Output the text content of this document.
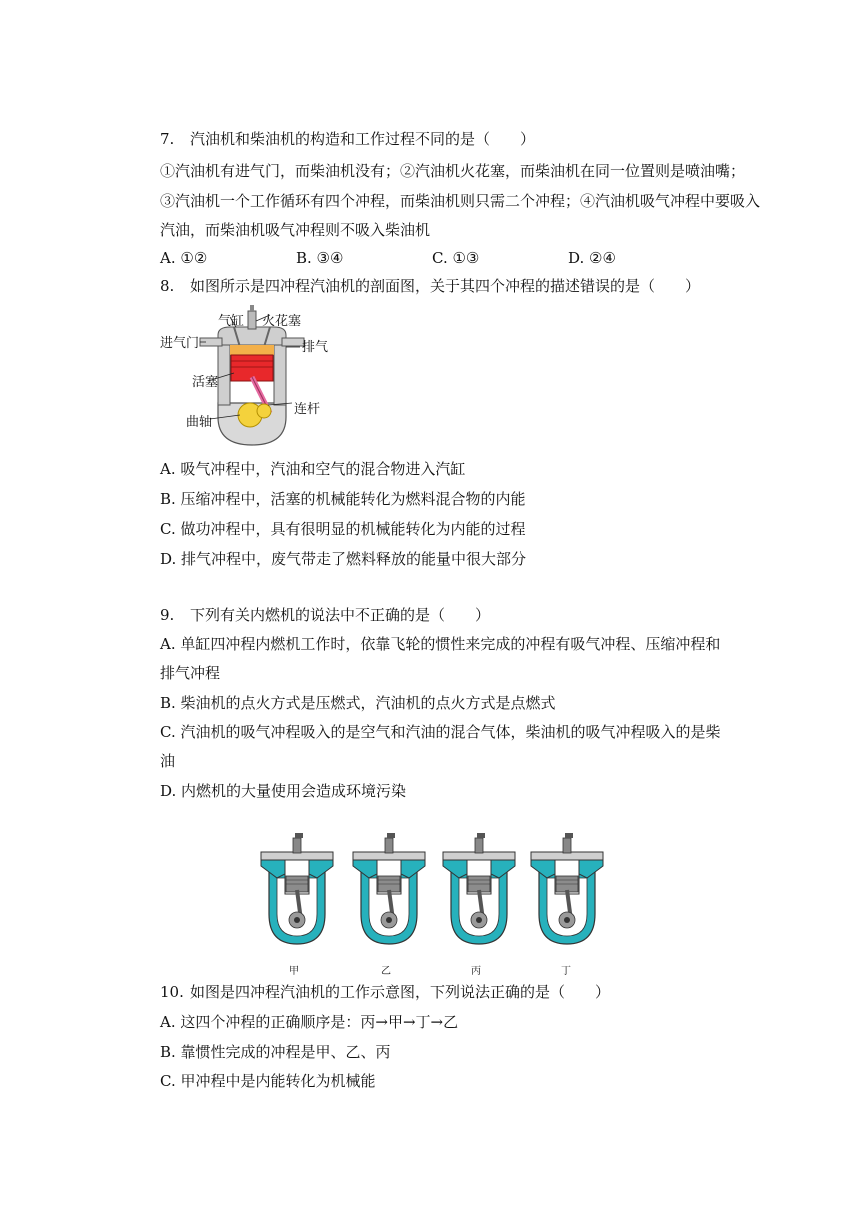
7. 汽油机和柴油机的构造和工作过程不同的是（　　）
①汽油机有进气门，而柴油机没有；②汽油机火花塞，而柴油机在同一位置则是喷油嘴；
③汽油机一个工作循环有四个冲程，而柴油机则只需二个冲程；④汽油机吸气冲程中要吸入
汽油，而柴油机吸气冲程则不吸入柴油机
A. ①②	B. ③④	C. ①③	D. ②④
8. 如图所示是四冲程汽油机的剖面图，关于其四个冲程的描述错误的是（　　）
气缸 火花塞
进气门	排气
活塞
连杆
曲轴
A. 吸气冲程中，汽油和空气的混合物进入汽缸
B. 压缩冲程中，活塞的机械能转化为燃料混合物的内能
C. 做功冲程中，具有很明显的机械能转化为内能的过程
D. 排气冲程中，废气带走了燃料释放的能量中很大部分
9. 下列有关内燃机的说法中不正确的是（　　）
A. 单缸四冲程内燃机工作时，依靠飞轮的惯性来完成的冲程有吸气冲程、压缩冲程和
排气冲程
B. 柴油机的点火方式是压燃式，汽油机的点火方式是点燃式
C. 汽油机的吸气冲程吸入的是空气和汽油的混合气体，柴油机的吸气冲程吸入的是柴
油
D. 内燃机的大量使用会造成环境污染
甲	乙	丙	丁
10. 如图是四冲程汽油机的工作示意图，下列说法正确的是（　　）
A. 这四个冲程的正确顺序是：丙→甲→丁→乙
B. 靠惯性完成的冲程是甲、乙、丙
C. 甲冲程中是内能转化为机械能
